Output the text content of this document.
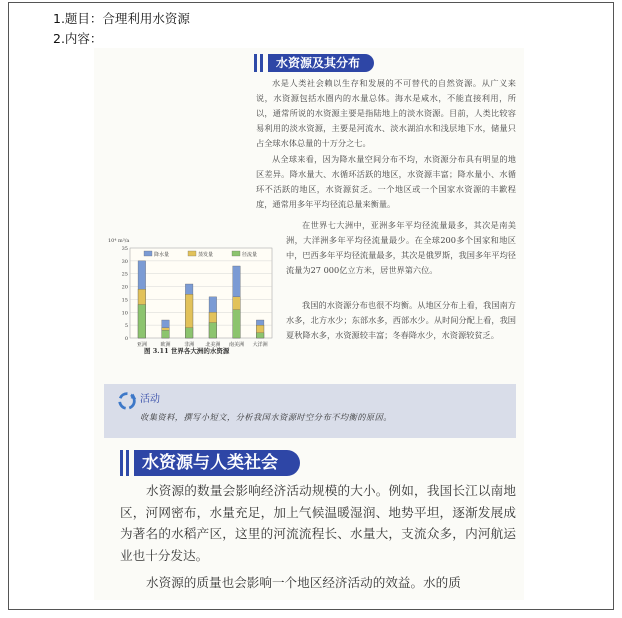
1.题目：合理利用水资源
2.内容：
水资源及其分布

水是人类社会赖以生存和发展的不可替代的自然资源。从广义来说，水资源包括水圈内的水量总体。海水是咸水，不能直接利用，所以，通常所说的水资源主要是指陆地上的淡水资源。目前，人类比较容易利用的淡水资源，主要是河流水、淡水湖泊水和浅层地下水，储量只占全球水体总量的十万分之七。

从全球来看，因为降水量空间分布不均，水资源分布具有明显的地区差异。降水量大、水循环活跃的地区，水资源丰富；降水量小、水循环不活跃的地区，水资源贫乏。一个地区或一个国家水资源的丰歉程度，通常用多年平均径流总量来衡量。

在世界七大洲中，亚洲多年平均径流量最多，其次是南美洲，大洋洲多年平均径流量最少。在全球200多个国家和地区中，巴西多年平均径流量最多，其次是俄罗斯，我国多年平均径流量为27 000亿立方米，居世界第六位。

我国的水资源分布也很不均衡。从地区分布上看，我国南方水多，北方水少；东部水多，西部水少。从时间分配上看，我国夏秋降水多，水资源较丰富；冬春降水少，水资源较贫乏。

0
5
10
15
20
25
30
35
10⁴ m³/a
降水量	蒸发量	径流量
亚洲	欧洲	非洲 北美洲 南美洲 大洋洲
图 3.11 世界各大洲的水资源
活动
收集资料，撰写小短文，分析我国水资源时空分布不均衡的原因。
水资源与人类社会

水资源的数量会影响经济活动规模的大小。例如，我国长江以南地区，河网密布，水量充足，加上气候温暖湿润、地势平坦，逐渐发展成为著名的水稻产区，这里的河流流程长、水量大，支流众多，内河航运业也十分发达。

水资源的质量也会影响一个地区经济活动的效益。水的质
